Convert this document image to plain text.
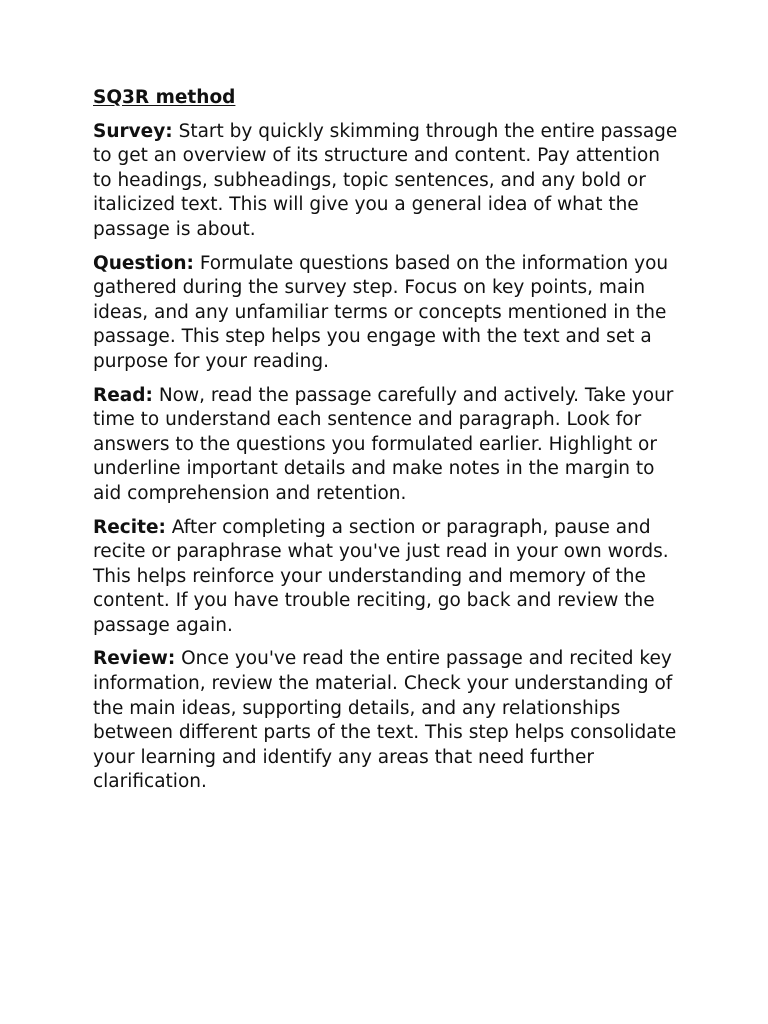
SQ3R method
Survey: Start by quickly skimming through the entire passage to get an overview of its structure and content. Pay attention to headings, subheadings, topic sentences, and any bold or italicized text. This will give you a general idea of what the passage is about.
Question: Formulate questions based on the information you gathered during the survey step. Focus on key points, main ideas, and any unfamiliar terms or concepts mentioned in the passage. This step helps you engage with the text and set a purpose for your reading.
Read: Now, read the passage carefully and actively. Take your time to understand each sentence and paragraph. Look for answers to the questions you formulated earlier. Highlight or underline important details and make notes in the margin to aid comprehension and retention.
Recite: After completing a section or paragraph, pause and recite or paraphrase what you've just read in your own words. This helps reinforce your understanding and memory of the content. If you have trouble reciting, go back and review the passage again.
Review: Once you've read the entire passage and recited key information, review the material. Check your understanding of the main ideas, supporting details, and any relationships between different parts of the text. This step helps consolidate your learning and identify any areas that need further clarification.
